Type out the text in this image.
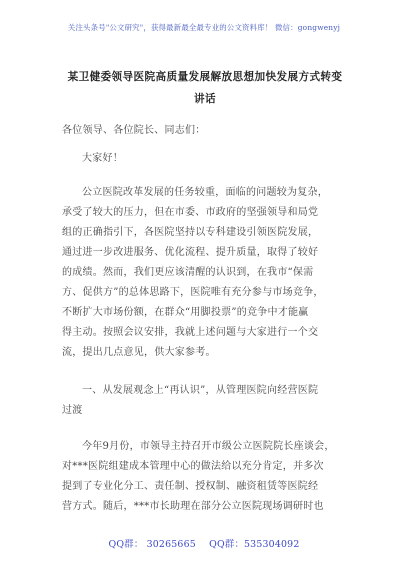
关注头条号"公文研究"，获得最新最全最专业的公文资料库！ 微信：gongwenyj
某卫健委领导医院高质量发展解放思想加快发展方式转变
讲话
各位领导、各位院长、同志们：
大家好！
公立医院改革发展的任务较重，面临的问题较为复杂，
承受了较大的压力，但在市委、市政府的坚强领导和局党
组的正确指引下，各医院坚持以专科建设引领医院发展，
通过进一步改进服务、优化流程、提升质量，取得了较好
的成绩。然而，我们更应该清醒的认识到，在我市“保需
方、促供方”的总体思路下，医院唯有充分参与市场竞争，
不断扩大市场份额，在群众“用脚投票”的竞争中才能赢
得主动。按照会议安排，我就上述问题与大家进行一个交
流，提出几点意见，供大家参考。
一、从发展观念上“再认识”，从管理医院向经营医院
过渡
今年9月份，市领导主持召开市级公立医院院长座谈会，
对***医院组建成本管理中心的做法给以充分肯定，并多次
提到了专业化分工、责任制、授权制、融资租赁等医院经
营方式。随后，***市长助理在部分公立医院现场调研时也
QQ群： 30265665 QQ群：535304092
